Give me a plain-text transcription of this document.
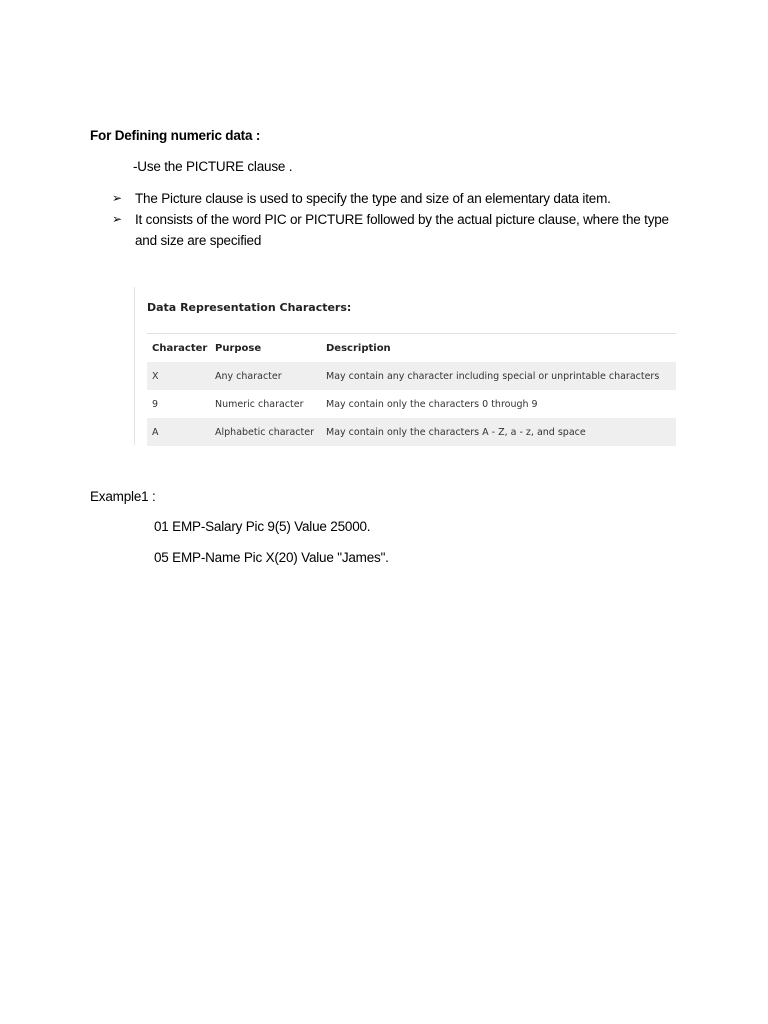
For Defining numeric data :
-Use the PICTURE clause .
➢ The Picture clause is used to specify the type and size of an elementary data item.
➢ It consists of the word PIC or PICTURE followed by the actual picture clause, where the type and size are specified
Data Representation Characters:
Character	Purpose	Description
X	Any character	May contain any character including special or unprintable characters
9	Numeric character	May contain only the characters 0 through 9
A	Alphabetic character	May contain only the characters A - Z, a - z, and space
Example1 :
01 EMP-Salary Pic 9(5) Value 25000.
05 EMP-Name Pic X(20) Value "James".
